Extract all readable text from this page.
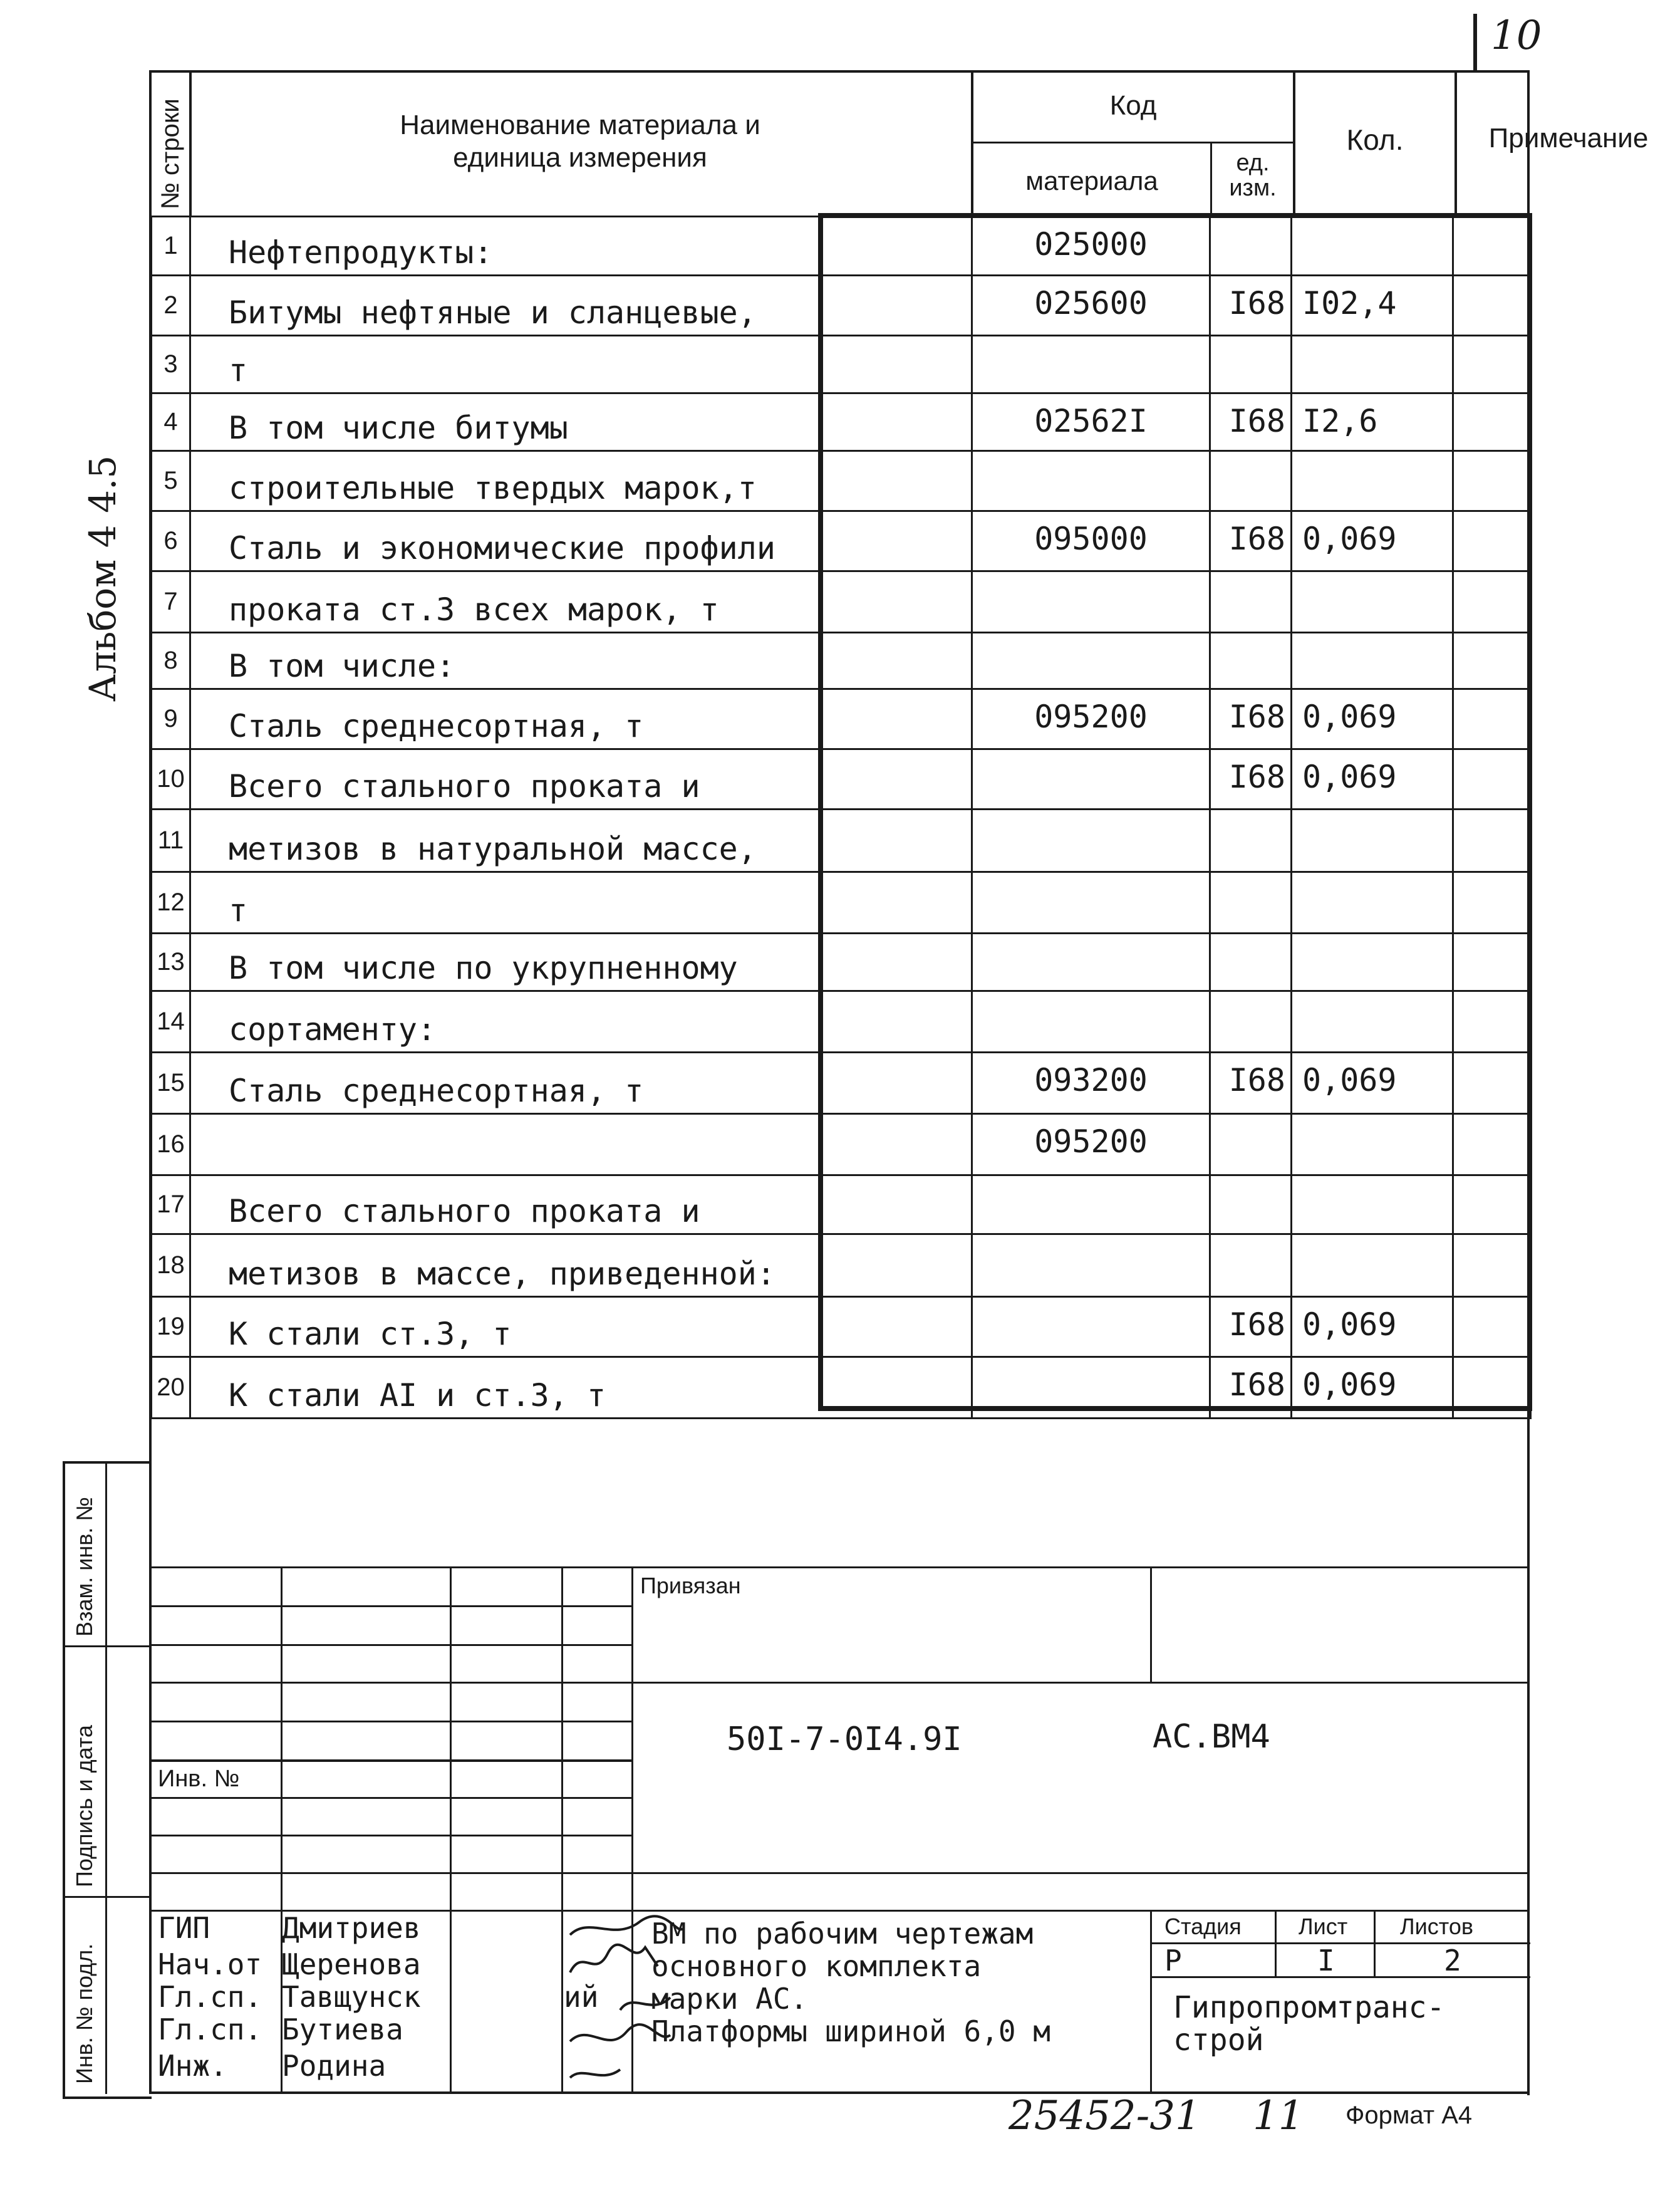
10
Альбом 4 4.5
№ строки	Наименование материала и единица измерения
Код
материала
ед. изм.
Кол.	Примечание
1	Нефтепродукты:	025000			
2	Битумы нефтяные и сланцевые,	025600	I68	I02,4	
3	т				
4	В том числе битумы	02562I	I68	I2,6	
5	строительные твердых марок,т				
6	Сталь и экономические профили	095000	I68	0,069	
7	проката ст.3 всех марок, т				
8	В том числе:				
9	Сталь среднесортная, т	095200	I68	0,069	
10	Всего стального проката и		I68	0,069	
11	метизов в натуральной массе,				
12	т				
13	В том числе по укрупненному				
14	сортаменту:				
15	Сталь среднесортная, т	093200	I68	0,069	
16		095200			
17	Всего стального проката и				
18	метизов в массе, приведенной:				
19	К стали ст.3, т		I68	0,069	
20	К стали АI и ст.3, т		I68	0,069	
Взам. инв. №
Подпись и дата
Инв. № подл.
Привязан
Инв. №
50I-7-0I4.9I	АС.ВМ4
ГИП Дмитриев
Нач.от Щеренова
Гл.сп. Тавщунск	ий
Гл.сп. Бутиева
Инж. Родина
ВМ по рабочим чертежам
основного комплекта
марки АС.
Платформы шириной 6,0 м
Стадия	Лист Листов
Р	I	2
Гипропромтранс-
строй
25452-31 11 Формат А4
